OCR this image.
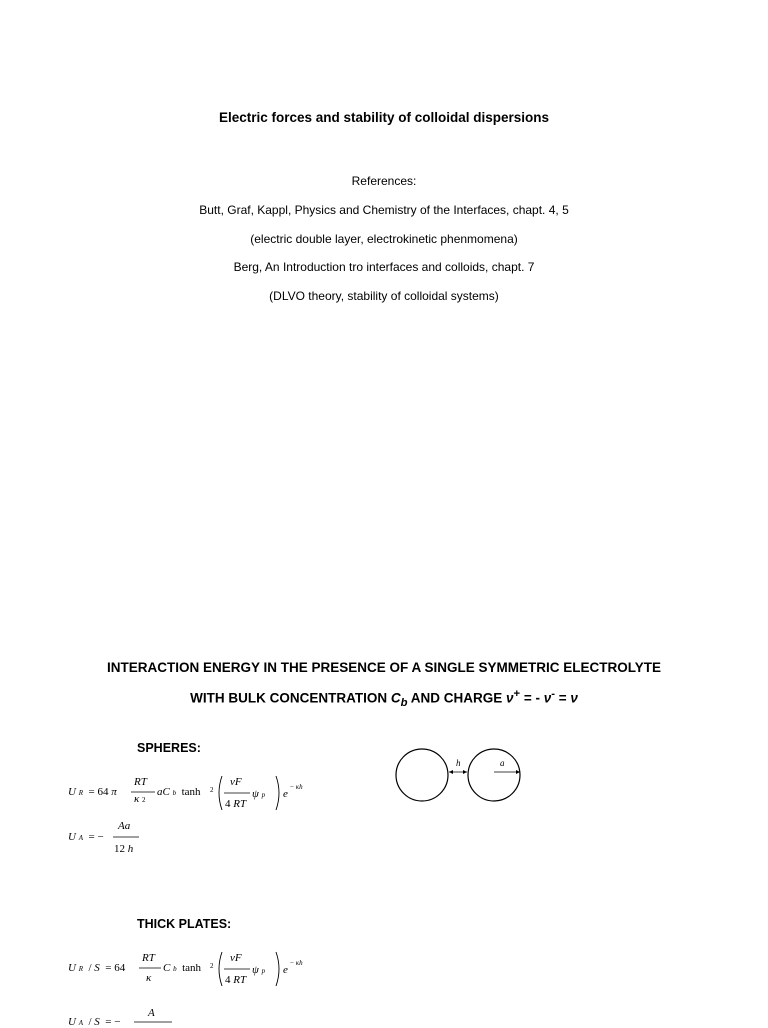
Electric forces and stability of colloidal dispersions
References:
Butt, Graf, Kappl, Physics and Chemistry of the Interfaces, chapt. 4, 5
(electric double layer, electrokinetic phenmomena)
Berg, An Introduction tro interfaces and colloids, chapt. 7
(DLVO theory, stability of colloidal systems)
INTERACTION ENERGY IN THE PRESENCE OF A SINGLE SYMMETRIC ELECTROLYTE
WITH BULK CONCENTRATION $C_b$ AND CHARGE ν+ = - ν- = ν
SPHERES:
U R  = 64 π
RT
κ 2
aC b  tanh 2
νF
4 RT
ψ p e
− κh
U A  = −
Aa
12 h
h	a
THICK PLATES:
U R  / S  = 64
RT
κ
C b  tanh 2
νF
4 RT
ψ p e
− κh
U A  / S  = −
A
